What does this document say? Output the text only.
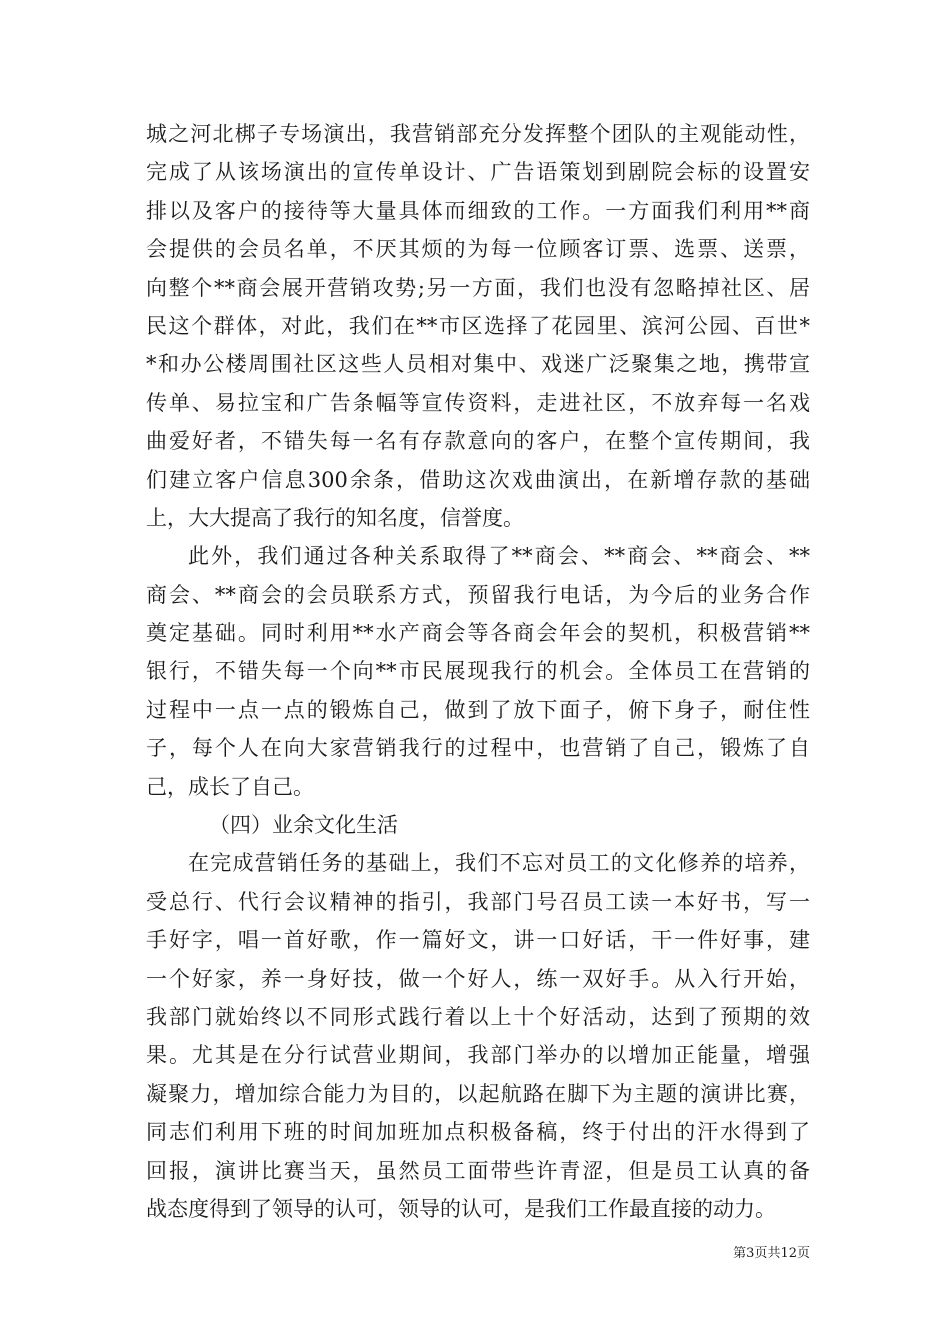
城之河北梆子专场演出，我营销部充分发挥整个团队的主观能动性，
完成了从该场演出的宣传单设计、广告语策划到剧院会标的设置安
排以及客户的接待等大量具体而细致的工作。一方面我们利用**商
会提供的会员名单，不厌其烦的为每一位顾客订票、选票、送票，
向整个**商会展开营销攻势;另一方面，我们也没有忽略掉社区、居
民这个群体，对此，我们在**市区选择了花园里、滨河公园、百世*
*和办公楼周围社区这些人员相对集中、戏迷广泛聚集之地，携带宣
传单、易拉宝和广告条幅等宣传资料，走进社区，不放弃每一名戏
曲爱好者，不错失每一名有存款意向的客户，在整个宣传期间，我
们建立客户信息300余条，借助这次戏曲演出，在新增存款的基础
上，大大提高了我行的知名度，信誉度。
此外，我们通过各种关系取得了**商会、**商会、**商会、**
商会、**商会的会员联系方式，预留我行电话，为今后的业务合作
奠定基础。同时利用**水产商会等各商会年会的契机，积极营销**
银行，不错失每一个向**市民展现我行的机会。全体员工在营销的
过程中一点一点的锻炼自己，做到了放下面子，俯下身子，耐住性
子，每个人在向大家营销我行的过程中，也营销了自己，锻炼了自
己，成长了自己。
（四）业余文化生活
在完成营销任务的基础上，我们不忘对员工的文化修养的培养，
受总行、代行会议精神的指引，我部门号召员工读一本好书，写一
手好字，唱一首好歌，作一篇好文，讲一口好话，干一件好事，建
一个好家，养一身好技，做一个好人，练一双好手。从入行开始，
我部门就始终以不同形式践行着以上十个好活动，达到了预期的效
果。尤其是在分行试营业期间，我部门举办的以增加正能量，增强
凝聚力，增加综合能力为目的，以起航路在脚下为主题的演讲比赛，
同志们利用下班的时间加班加点积极备稿，终于付出的汗水得到了
回报，演讲比赛当天，虽然员工面带些许青涩，但是员工认真的备
战态度得到了领导的认可，领导的认可，是我们工作最直接的动力。
第3页共12页
